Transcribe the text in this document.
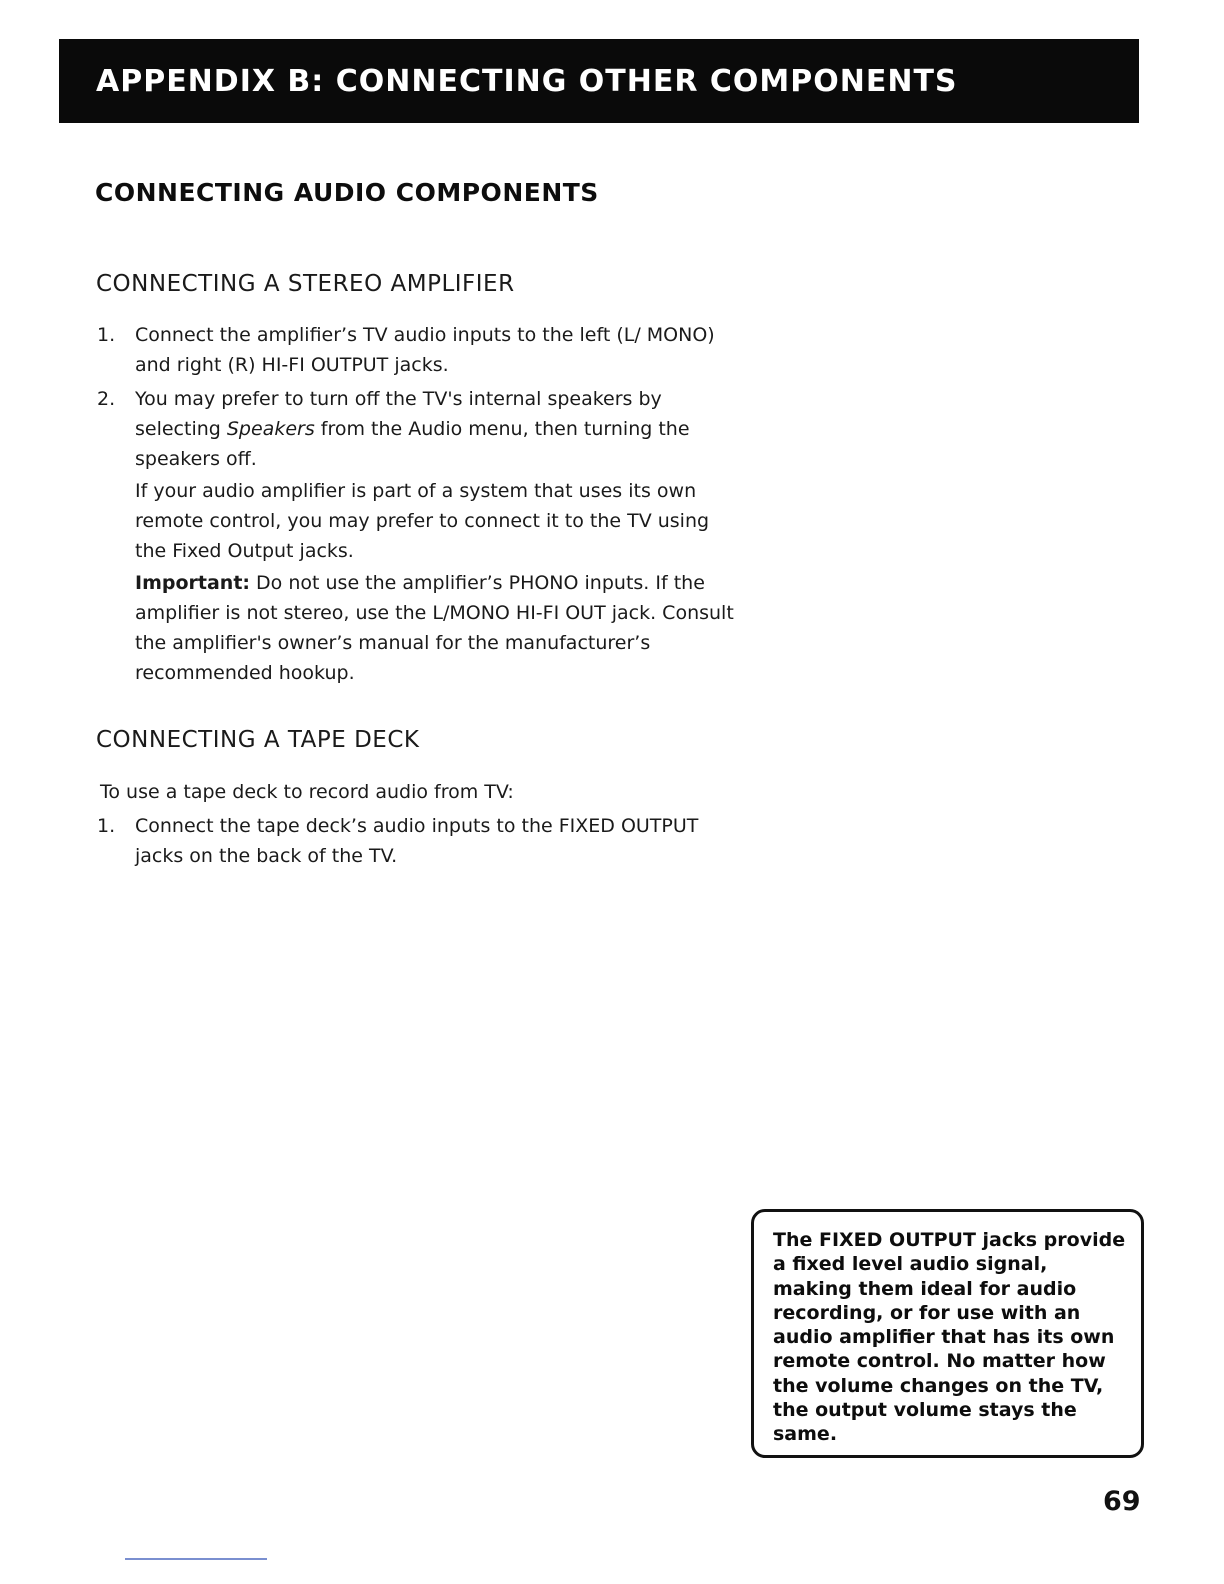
APPENDIX B: CONNECTING OTHER COMPONENTS
CONNECTING AUDIO COMPONENTS
CONNECTING A STEREO AMPLIFIER
1. Connect the amplifier’s TV audio inputs to the left (L/ MONO) and right (R) HI-FI OUTPUT jacks.
2. You may prefer to turn off the TV's internal speakers by selecting Speakers from the Audio menu, then turning the speakers off.

If your audio amplifier is part of a system that uses its own remote control, you may prefer to connect it to the TV using the Fixed Output jacks.

Important: Do not use the amplifier’s PHONO inputs. If the amplifier is not stereo, use the L/MONO HI-FI OUT jack. Consult the amplifier's owner’s manual for the manufacturer’s recommended hookup.

CONNECTING A TAPE DECK

To use a tape deck to record audio from TV:

1. Connect the tape deck’s audio inputs to the FIXED OUTPUT jacks on the back of the TV.
The FIXED OUTPUT jacks provide a fixed level audio signal, making them ideal for audio recording, or for use with an audio amplifier that has its own remote control. No matter how the volume changes on the TV, the output volume stays the same.
69
